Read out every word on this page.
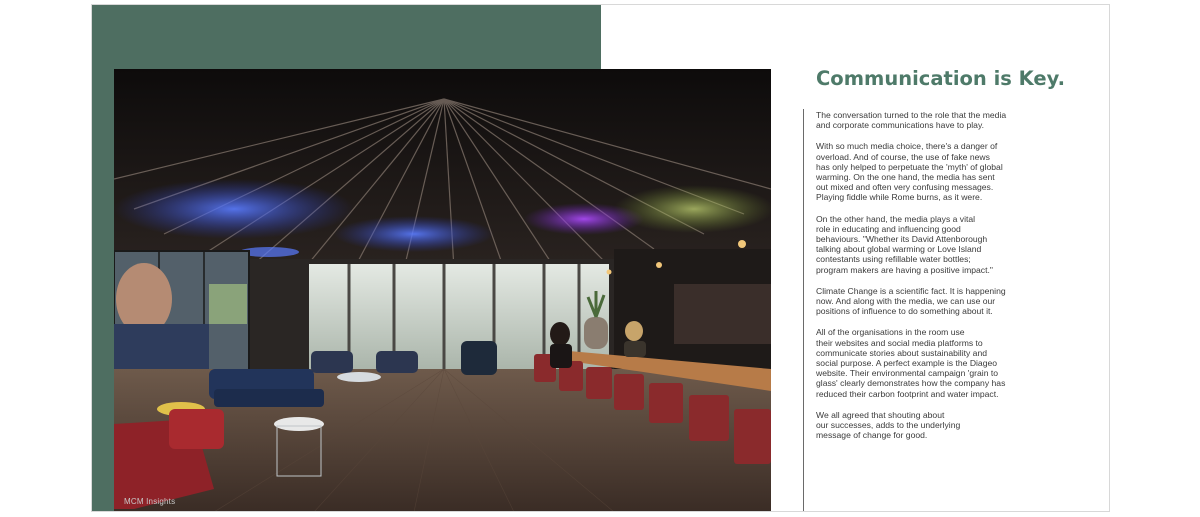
MCM Insights
Communication is Key.

The conversation turned to the role that the media
and corporate communications have to play.

With so much media choice, there's a danger of
overload. And of course, the use of fake news
has only helped to perpetuate the 'myth' of global
warming. On the one hand, the media has sent
out mixed and often very confusing messages.
Playing fiddle while Rome burns, as it were.

On the other hand, the media plays a vital
role in educating and influencing good
behaviours. "Whether its David Attenborough
talking about global warming or Love Island
contestants using refillable water bottles;
program makers are having a positive impact."

Climate Change is a scientific fact. It is happening
now. And along with the media, we can use our
positions of influence to do something about it.

All of the organisations in the room use
their websites and social media platforms to
communicate stories about sustainability and
social purpose. A perfect example is the Diageo
website. Their environmental campaign 'grain to
glass' clearly demonstrates how the company has
reduced their carbon footprint and water impact.

We all agreed that shouting about
our successes, adds to the underlying
message of change for good.
